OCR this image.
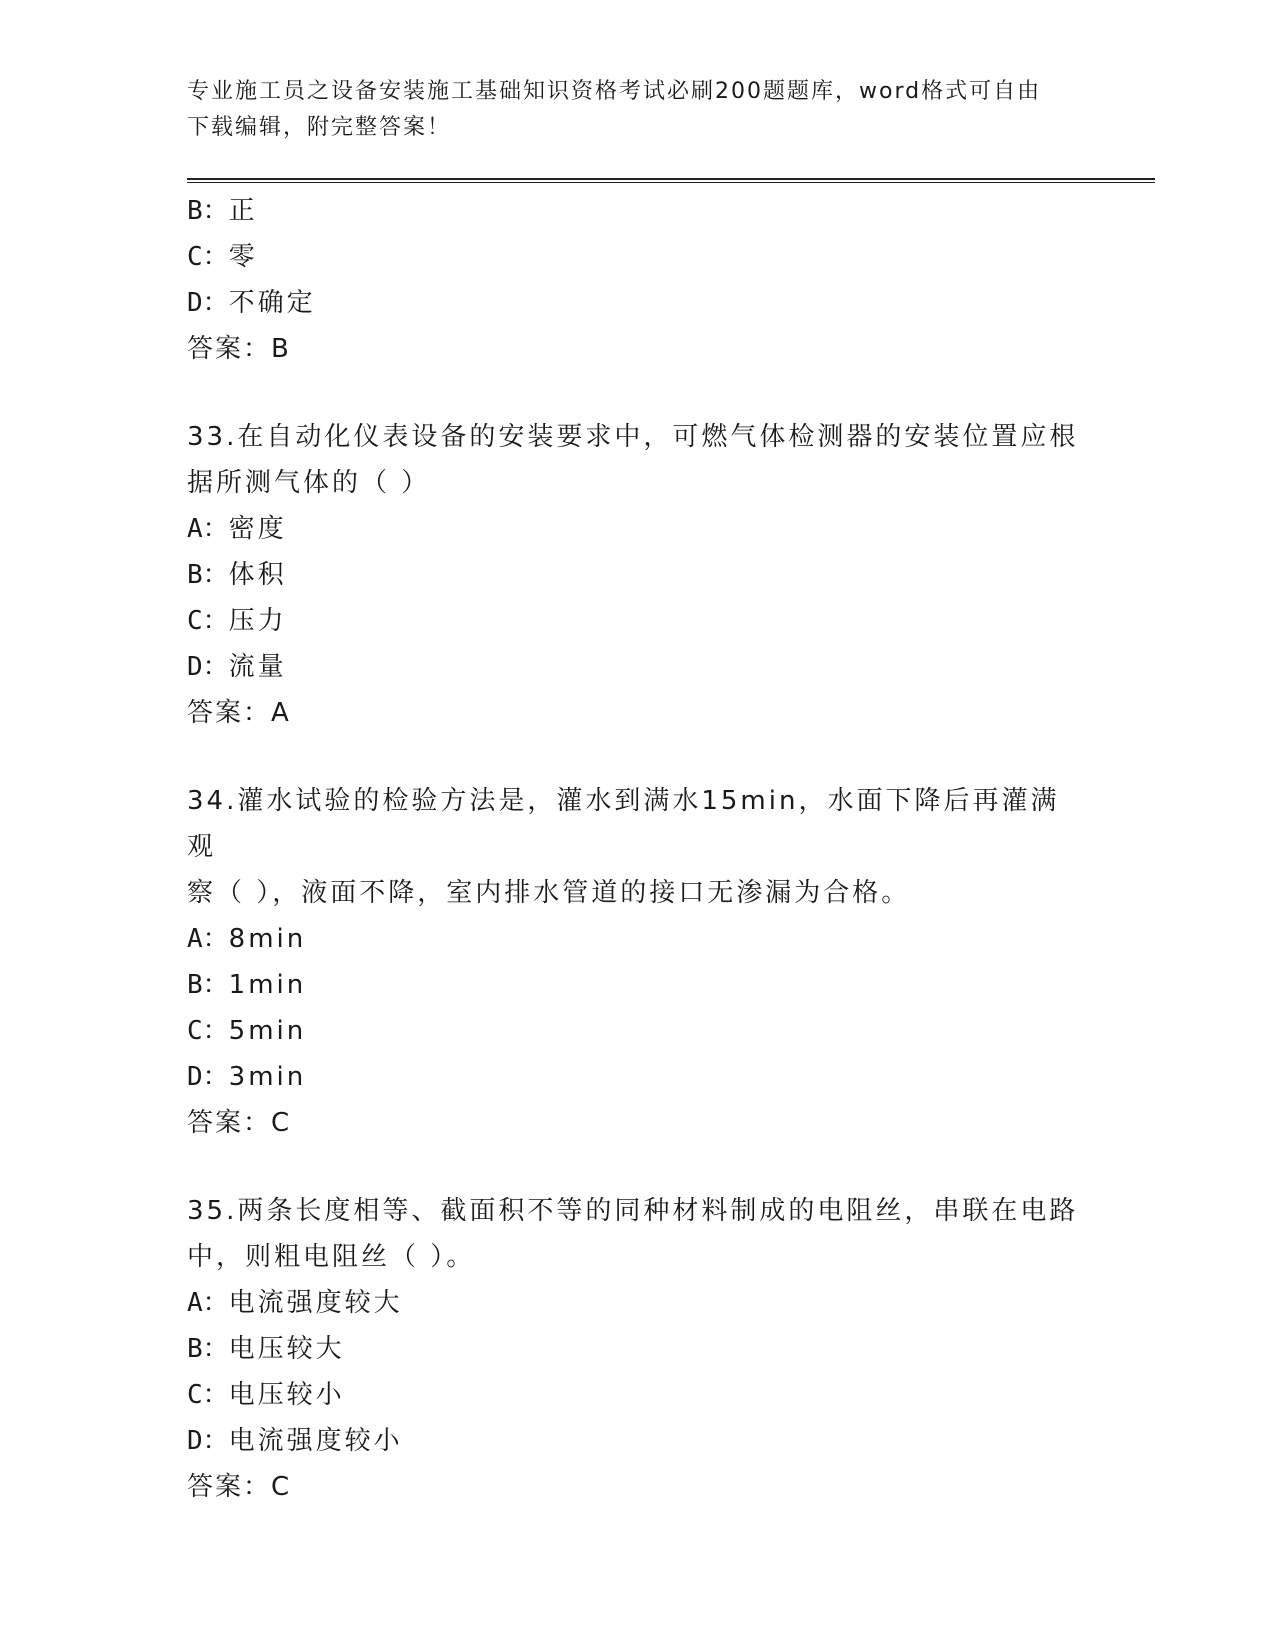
专业施工员之设备安装施工基础知识资格考试必刷200题题库，word格式可自由
下载编辑，附完整答案！
B：正
C：零
D：不确定
答案：B
33.在自动化仪表设备的安装要求中，可燃气体检测器的安装位置应根
据所测气体的（ ）
A：密度
B：体积
C：压力
D：流量
答案：A
34.灌水试验的检验方法是，灌水到满水15min，水面下降后再灌满观
察（ ），液面不降，室内排水管道的接口无渗漏为合格。
A：8min
B：1min
C：5min
D：3min
答案：C
35.两条长度相等、截面积不等的同种材料制成的电阻丝，串联在电路
中，则粗电阻丝（ ）。
A：电流强度较大
B：电压较大
C：电压较小
D：电流强度较小
答案：C
